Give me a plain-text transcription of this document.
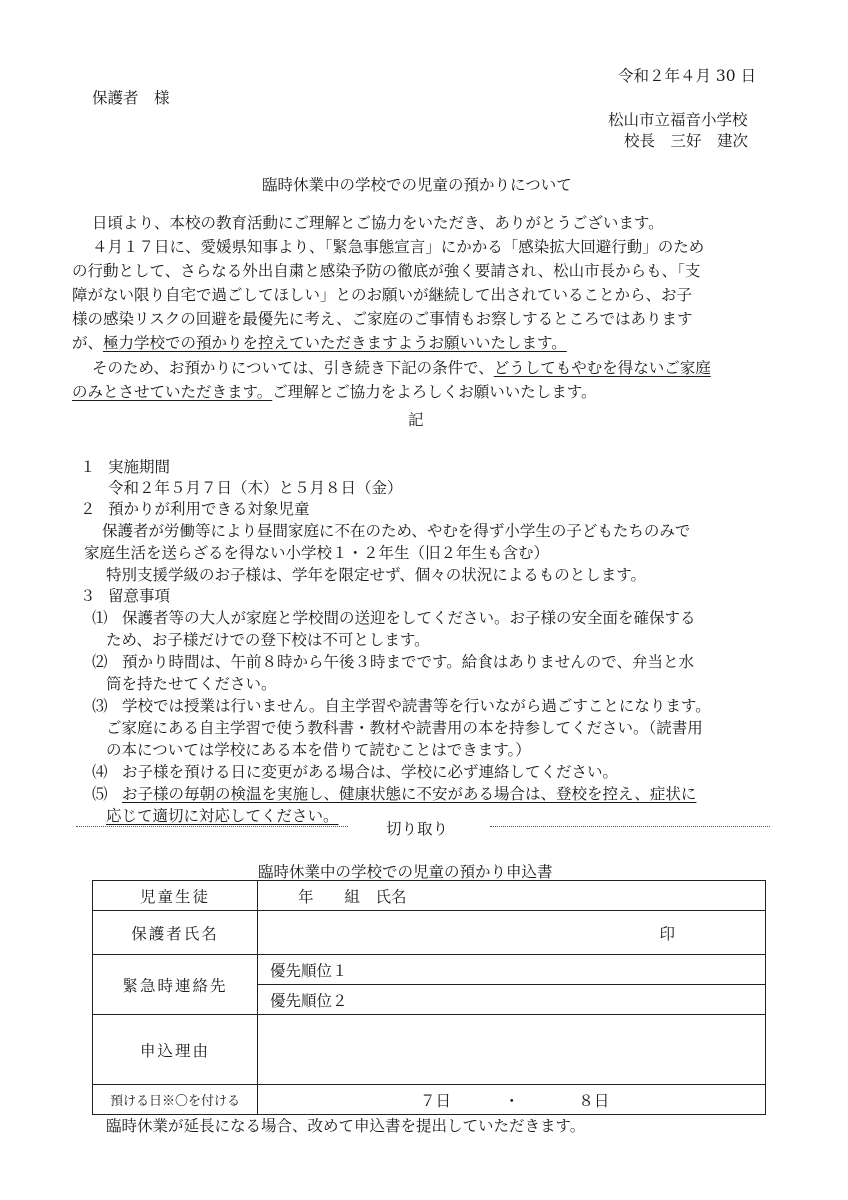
令和２年４月 30 日
保護者　様
松山市立福音小学校
校長　三好　建次
臨時休業中の学校での児童の預かりについて
日頃より、本校の教育活動にご理解とご協力をいただき、ありがとうございます。
４月１７日に、愛媛県知事より、「緊急事態宣言」にかかる「感染拡大回避行動」のため
の行動として、さらなる外出自粛と感染予防の徹底が強く要請され、松山市長からも、「支
障がない限り自宅で過ごしてほしい」とのお願いが継続して出されていることから、お子
様の感染リスクの回避を最優先に考え、ご家庭のご事情もお察しするところではあります
が、極力学校での預かりを控えていただきますようお願いいたします。
そのため、お預かりについては、引き続き下記の条件で、どうしてもやむを得ないご家庭
のみとさせていただきます。ご理解とご協力をよろしくお願いいたします。
記
１ 実施期間
令和２年５月７日（木）と５月８日（金）
２ 預かりが利用できる対象児童
保護者が労働等により昼間家庭に不在のため、やむを得ず小学生の子どもたちのみで
家庭生活を送らざるを得ない小学校１・２年生（旧２年生も含む）
特別支援学級のお子様は、学年を限定せず、個々の状況によるものとします。
３ 留意事項
⑴ 保護者等の大人が家庭と学校間の送迎をしてください。お子様の安全面を確保する
ため、お子様だけでの登下校は不可とします。
⑵ 預かり時間は、午前８時から午後３時までです。給食はありませんので、弁当と水
筒を持たせてください。
⑶ 学校では授業は行いません。自主学習や読書等を行いながら過ごすことになります。
ご家庭にある自主学習で使う教科書・教材や読書用の本を持参してください。（読書用
の本については学校にある本を借りて読むことはできます。）
⑷ お子様を預ける日に変更がある場合は、学校に必ず連絡してください。
⑸ お子様の毎朝の検温を実施し、健康状態に不安がある場合は、登校を控え、症状に
応じて適切に対応してください。
切り取り
臨時休業中の学校での児童の預かり申込書
児童生徒	年　　組　氏名
保護者氏名	印
緊急時連絡先	優先順位１
	優先順位２
申込理由	
預ける日※〇を付ける	７日 ・ ８日
臨時休業が延長になる場合、改めて申込書を提出していただきます。
